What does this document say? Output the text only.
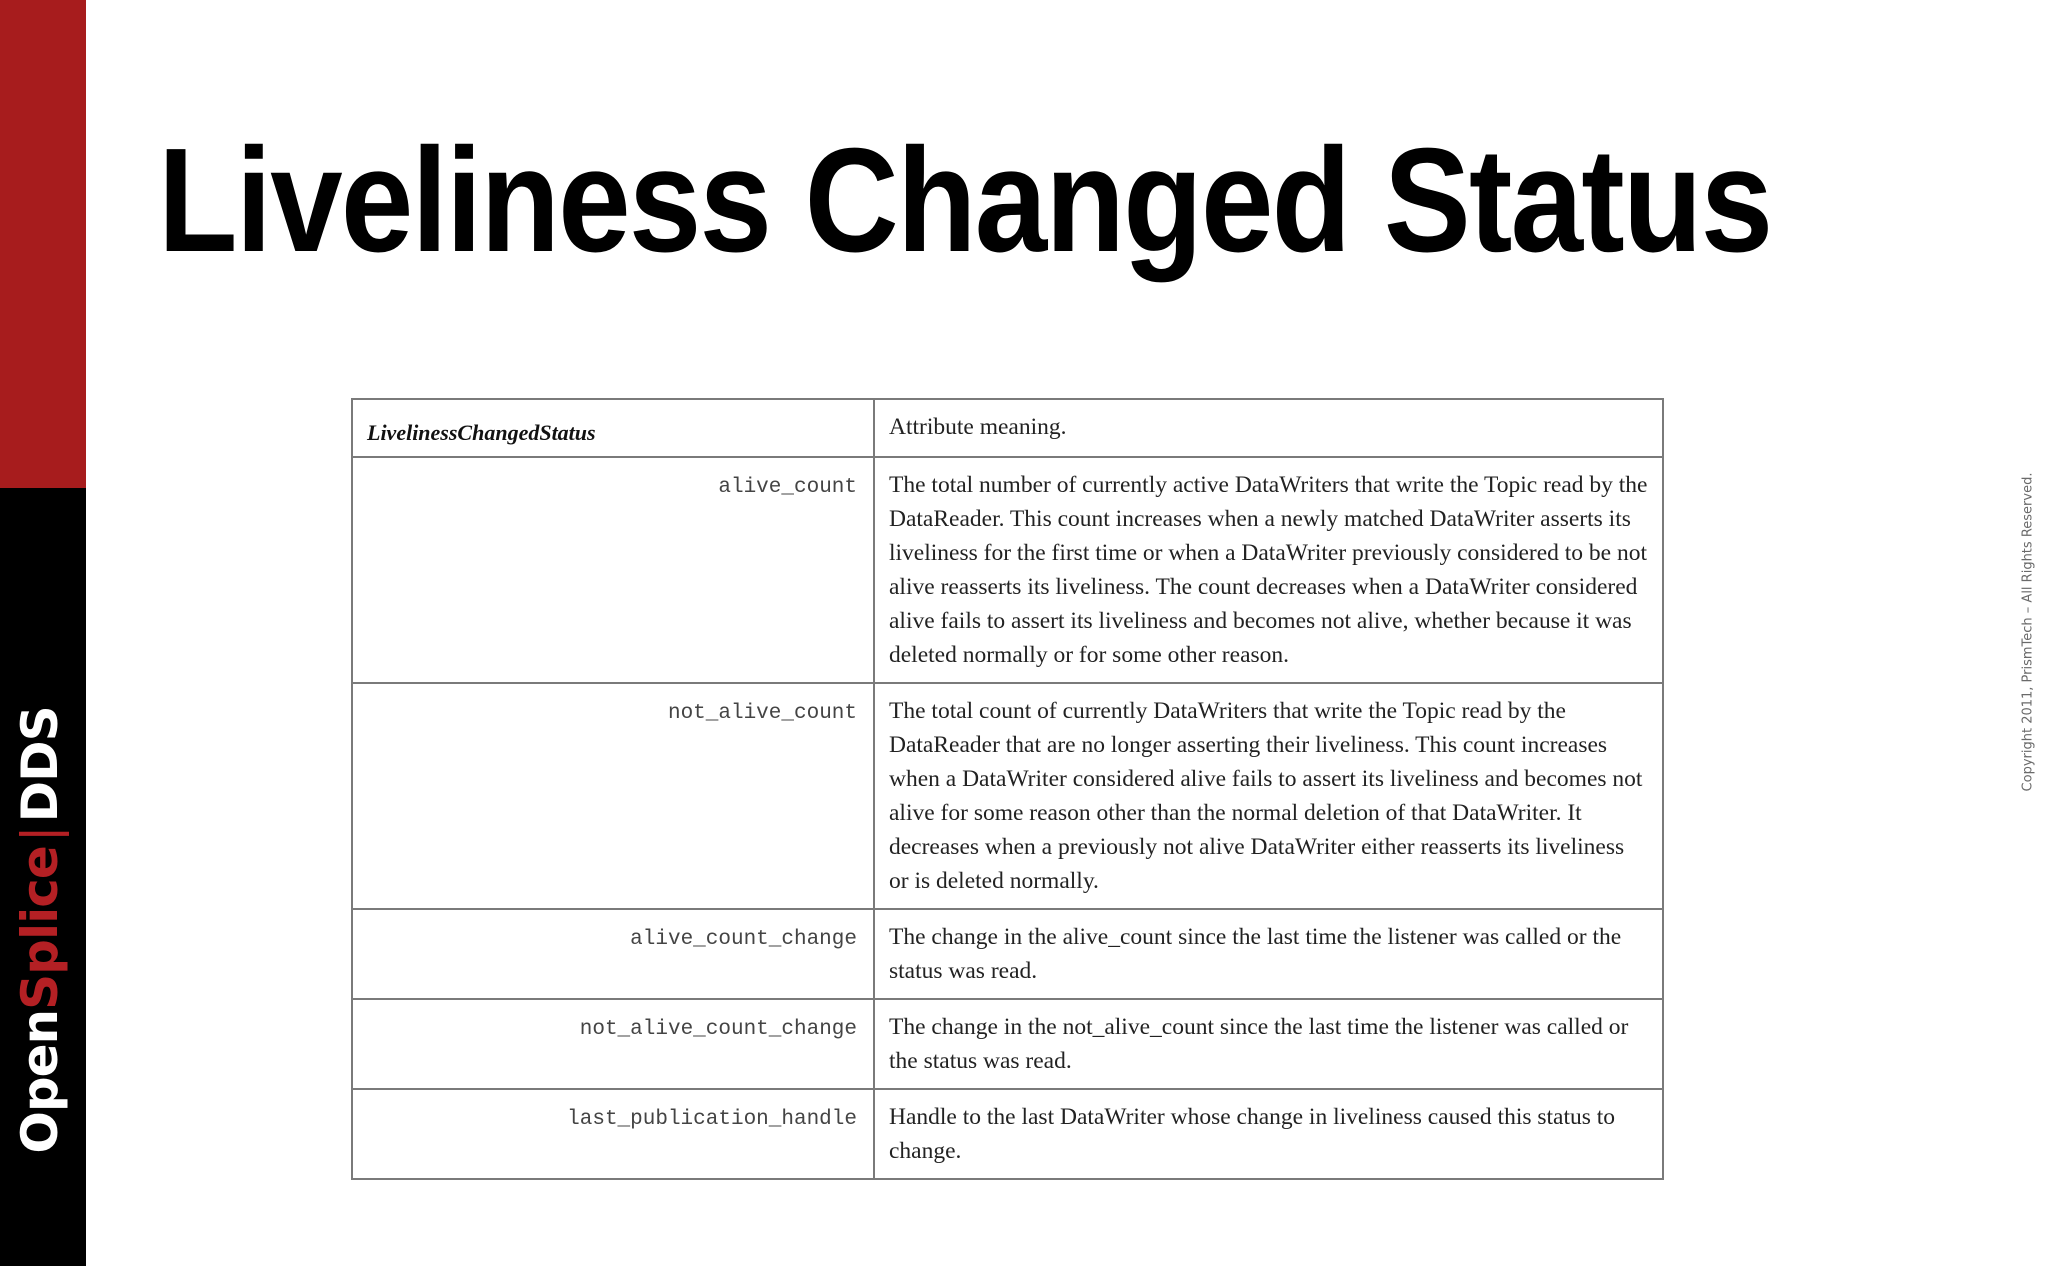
OpenSplice|DDS
Liveliness Changed Status
Copyright 2011, PrismTech – All Rights Reserved.
LivelinessChangedStatus	Attribute meaning.
alive_count	The total number of currently active DataWriters that write the Topic read by the DataReader. This count increases when a newly matched DataWriter asserts its liveliness for the first time or when a DataWriter previously considered to be not alive reasserts its liveliness. The count decreases when a DataWriter considered alive fails to assert its liveliness and becomes not alive, whether because it was deleted normally or for some other reason.
not_alive_count	The total count of currently DataWriters that write the Topic read by the DataReader that are no longer asserting their liveliness. This count increases when a DataWriter considered alive fails to assert its liveliness and becomes not alive for some reason other than the normal deletion of that DataWriter. It decreases when a previously not alive DataWriter either reasserts its liveliness or is deleted normally.
alive_count_change	The change in the alive_count since the last time the listener was called or the status was read.
not_alive_count_change	The change in the not_alive_count since the last time the listener was called or the status was read.
last_publication_handle	Handle to the last DataWriter whose change in liveliness caused this status to change.
